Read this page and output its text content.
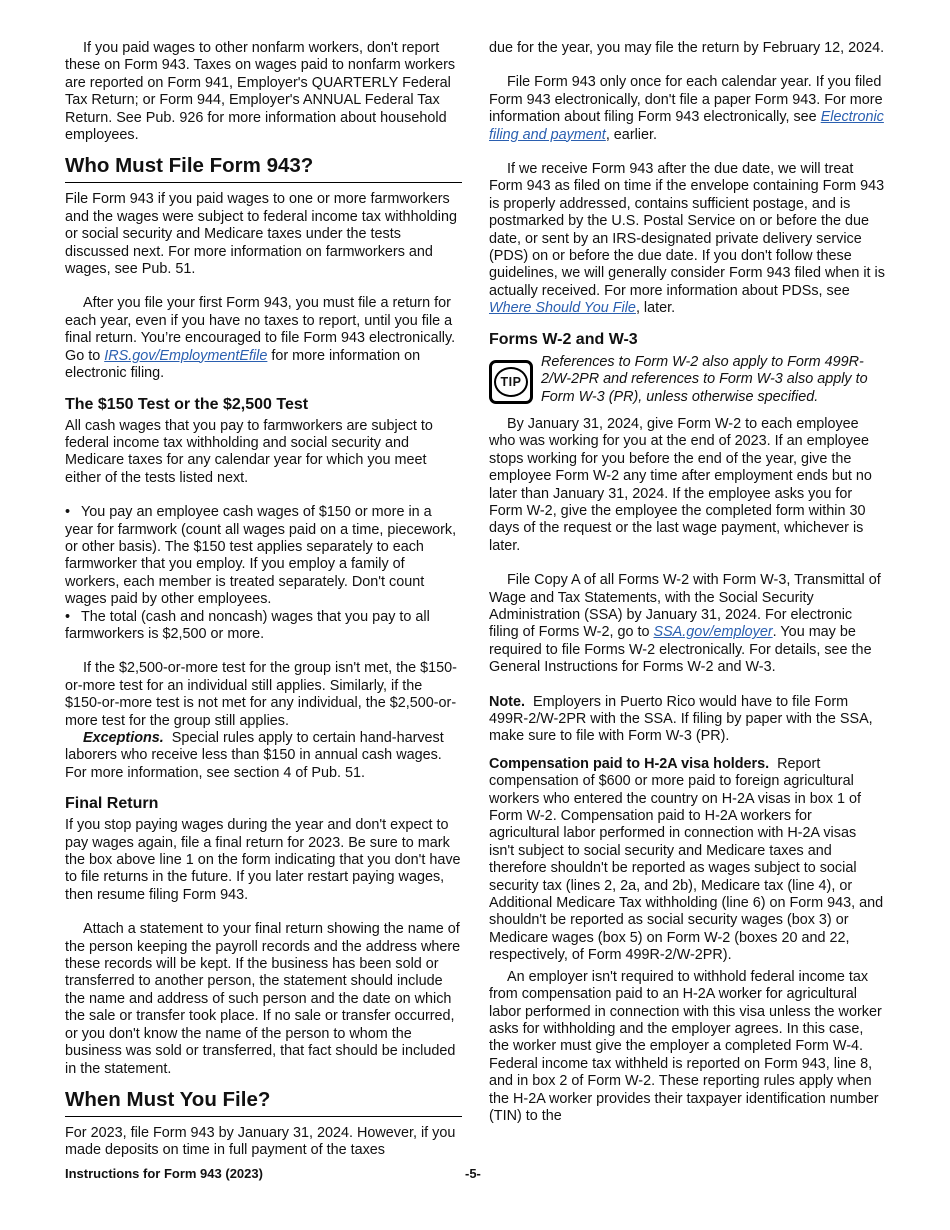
If you paid wages to other nonfarm workers, don't report these on Form 943. Taxes on wages paid to nonfarm workers are reported on Form 941, Employer's QUARTERLY Federal Tax Return; or Form 944, Employer's ANNUAL Federal Tax Return. See Pub. 926 for more information about household employees.

Who Must File Form 943?

File Form 943 if you paid wages to one or more farmworkers and the wages were subject to federal income tax withholding or social security and Medicare taxes under the tests discussed next. For more information on farmworkers and wages, see Pub. 51.

After you file your first Form 943, you must file a return for each year, even if you have no taxes to report, until you file a final return. You’re encouraged to file Form 943 electronically. Go to IRS.gov/EmploymentEfile for more information on electronic filing.

The $150 Test or the $2,500 Test

All cash wages that you pay to farmworkers are subject to federal income tax withholding and social security and Medicare taxes for any calendar year for which you meet either of the tests listed next.

• You pay an employee cash wages of $150 or more in a year for farmwork (count all wages paid on a time, piecework, or other basis). The $150 test applies separately to each farmworker that you employ. If you employ a family of workers, each member is treated separately. Don't count wages paid by other employees.

• The total (cash and noncash) wages that you pay to all farmworkers is $2,500 or more.

If the $2,500-or-more test for the group isn't met, the $150-or-more test for an individual still applies. Similarly, if the $150-or-more test is not met for any individual, the $2,500-or-more test for the group still applies.

Exceptions. Special rules apply to certain hand-harvest laborers who receive less than $150 in annual cash wages. For more information, see section 4 of Pub. 51.

Final Return

If you stop paying wages during the year and don't expect to pay wages again, file a final return for 2023. Be sure to mark the box above line 1 on the form indicating that you don't have to file returns in the future. If you later restart paying wages, then resume filing Form 943.

Attach a statement to your final return showing the name of the person keeping the payroll records and the address where these records will be kept. If the business has been sold or transferred to another person, the statement should include the name and address of such person and the date on which the sale or transfer took place. If no sale or transfer occurred, or you don't know the name of the person to whom the business was sold or transferred, that fact should be included in the statement.

When Must You File?

For 2023, file Form 943 by January 31, 2024. However, if you made deposits on time in full payment of the taxes

due for the year, you may file the return by February 12, 2024.

File Form 943 only once for each calendar year. If you filed Form 943 electronically, don't file a paper Form 943. For more information about filing Form 943 electronically, see Electronic filing and payment, earlier.

If we receive Form 943 after the due date, we will treat Form 943 as filed on time if the envelope containing Form 943 is properly addressed, contains sufficient postage, and is postmarked by the U.S. Postal Service on or before the due date, or sent by an IRS-designated private delivery service (PDS) on or before the due date. If you don't follow these guidelines, we will generally consider Form 943 filed when it is actually received. For more information about PDSs, see Where Should You File, later.

Forms W-2 and W-3
TIP

References to Form W-2 also apply to Form 499R-2/W-2PR and references to Form W-3 also apply to Form W-3 (PR), unless otherwise specified.

By January 31, 2024, give Form W-2 to each employee who was working for you at the end of 2023. If an employee stops working for you before the end of the year, give the employee Form W-2 any time after employment ends but no later than January 31, 2024. If the employee asks you for Form W-2, give the employee the completed form within 30 days of the request or the last wage payment, whichever is later.

File Copy A of all Forms W-2 with Form W-3, Transmittal of Wage and Tax Statements, with the Social Security Administration (SSA) by January 31, 2024. For electronic filing of Forms W-2, go to SSA.gov/employer. You may be required to file Forms W-2 electronically. For details, see the General Instructions for Forms W-2 and W-3.

Note. Employers in Puerto Rico would have to file Form 499R-2/W-2PR with the SSA. If filing by paper with the SSA, make sure to file with Form W-3 (PR).

Compensation paid to H-2A visa holders. Report compensation of $600 or more paid to foreign agricultural workers who entered the country on H-2A visas in box 1 of Form W-2. Compensation paid to H-2A workers for agricultural labor performed in connection with H-2A visas isn't subject to social security and Medicare taxes and therefore shouldn't be reported as wages subject to social security tax (lines 2, 2a, and 2b), Medicare tax (line 4), or Additional Medicare Tax withholding (line 6) on Form 943, and shouldn't be reported as social security wages (box 3) or Medicare wages (box 5) on Form W-2 (boxes 20 and 22, respectively, of Form 499R-2/W-2PR).

An employer isn't required to withhold federal income tax from compensation paid to an H-2A worker for agricultural labor performed in connection with this visa unless the worker asks for withholding and the employer agrees. In this case, the worker must give the employer a completed Form W-4. Federal income tax withheld is reported on Form 943, line 8, and in box 2 of Form W-2. These reporting rules apply when the H-2A worker provides their taxpayer identification number (TIN) to the

Instructions for Form 943 (2023)	-5-
